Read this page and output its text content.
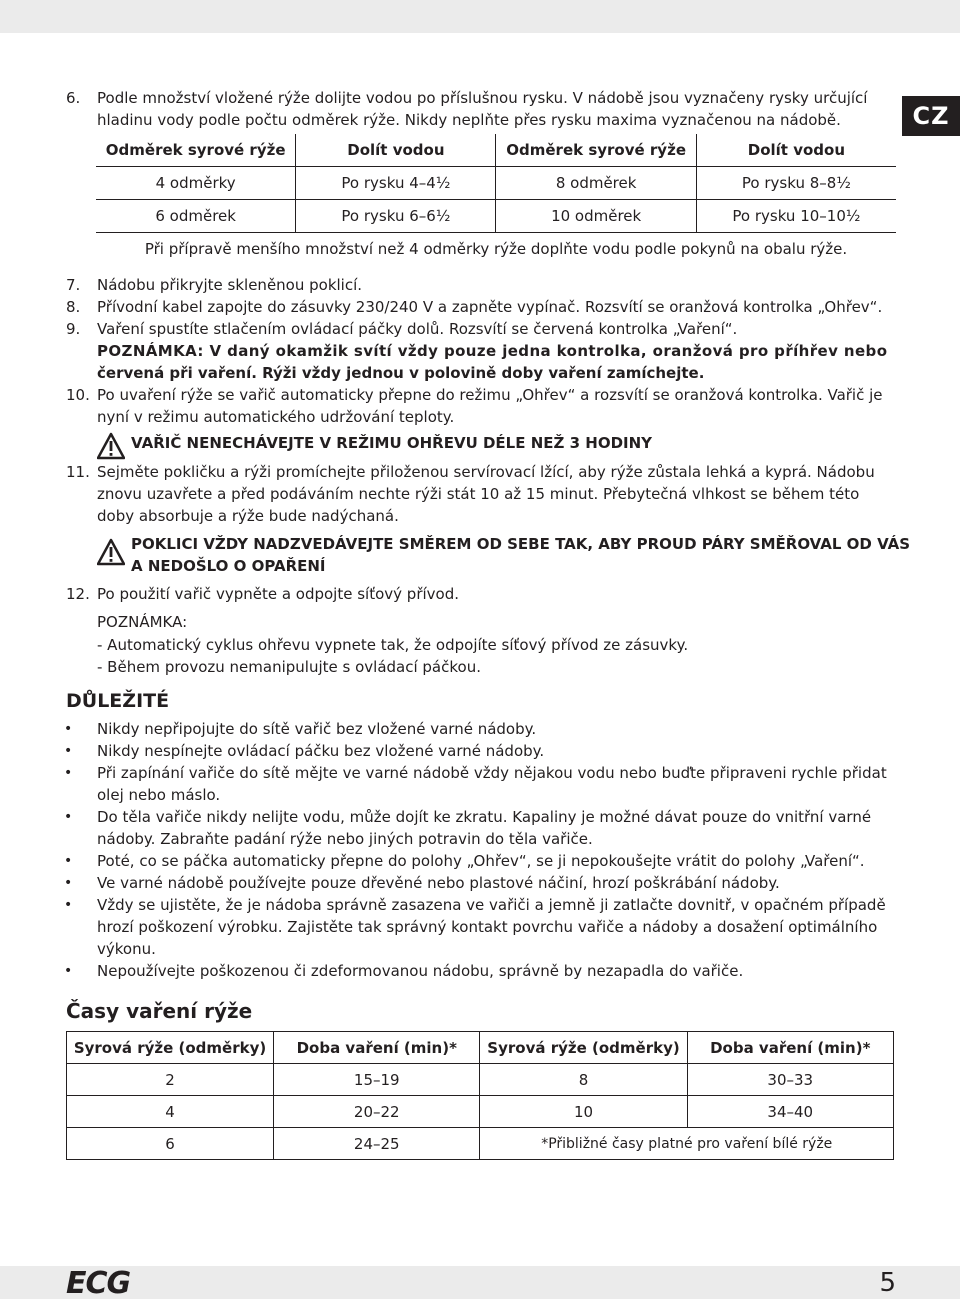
CZ
6. Podle množství vložené rýže dolijte vodou po příslušnou rysku. V nádobě jsou vyznačeny rysky určující
hladinu vody podle počtu odměrek rýže. Nikdy neplňte přes rysku maxima vyznačenou na nádobě.
Odměrek syrové rýže	Dolít vodou	Odměrek syrové rýže	Dolít vodou
4 odměrky	Po rysku 4–4½	8 odměrek	Po rysku 8–8½
6 odměrek	Po rysku 6–6½	10 odměrek	Po rysku 10–10½
Při přípravě menšího množství než 4 odměrky rýže doplňte vodu podle pokynů na obalu rýže.			
7. Nádobu přikryjte skleněnou poklicí.
8. Přívodní kabel zapojte do zásuvky 230/240 V a zapněte vypínač. Rozsvítí se oranžová kontrolka „Ohřev“.
9. Vaření spustíte stlačením ovládací páčky dolů. Rozsvítí se červená kontrolka „Vaření“.
POZNÁMKA: V daný okamžik svítí vždy pouze jedna kontrolka, oranžová pro příhřev nebo
červená při vaření. Rýži vždy jednou v polovině doby vaření zamíchejte.
10. Po uvaření rýže se vařič automaticky přepne do režimu „Ohřev“ a rozsvítí se oranžová kontrolka. Vařič je
nyní v režimu automatického udržování teploty.
VAŘIČ NENECHÁVEJTE V REŽIMU OHŘEVU DÉLE NEŽ 3 HODINY
11. Sejměte pokličku a rýži promíchejte přiloženou servírovací lžící, aby rýže zůstala lehká a kyprá. Nádobu
znovu uzavřete a před podáváním nechte rýži stát 10 až 15 minut. Přebytečná vlhkost se během této
doby absorbuje a rýže bude nadýchaná.
POKLICI VŽDY NADZVEDÁVEJTE SMĚREM OD SEBE TAK, ABY PROUD PÁRY SMĚŘOVAL OD VÁS
A NEDOŠLO O OPAŘENÍ
12. Po použití vařič vypněte a odpojte síťový přívod.
POZNÁMKA:
- Automatický cyklus ohřevu vypnete tak, že odpojíte síťový přívod ze zásuvky.
- Během provozu nemanipulujte s ovládací páčkou.
DŮLEŽITÉ
• Nikdy nepřipojujte do sítě vařič bez vložené varné nádoby.
• Nikdy nespínejte ovládací páčku bez vložené varné nádoby.
• Při zapínání vařiče do sítě mějte ve varné nádobě vždy nějakou vodu nebo buďte připraveni rychle přidat
olej nebo máslo.
• Do těla vařiče nikdy nelijte vodu, může dojít ke zkratu. Kapaliny je možné dávat pouze do vnitřní varné
nádoby. Zabraňte padání rýže nebo jiných potravin do těla vařiče.
• Poté, co se páčka automaticky přepne do polohy „Ohřev“, se ji nepokoušejte vrátit do polohy „Vaření“.
• Ve varné nádobě používejte pouze dřevěné nebo plastové náčiní, hrozí poškrábání nádoby.
• Vždy se ujistěte, že je nádoba správně zasazena ve vařiči a jemně ji zatlačte dovnitř, v opačném případě
hrozí poškození výrobku. Zajistěte tak správný kontakt povrchu vařiče a nádoby a dosažení optimálního
výkonu.
• Nepoužívejte poškozenou či zdeformovanou nádobu, správně by nezapadla do vařiče.
Časy vaření rýže
Syrová rýže (odměrky)	Doba vaření (min)*	Syrová rýže (odměrky)	Doba vaření (min)*
2	15–19	8	30–33
4	20–22	10	34–40
6	24–25	*Přibližné časy platné pro vaření bílé rýže	
ECG	5
